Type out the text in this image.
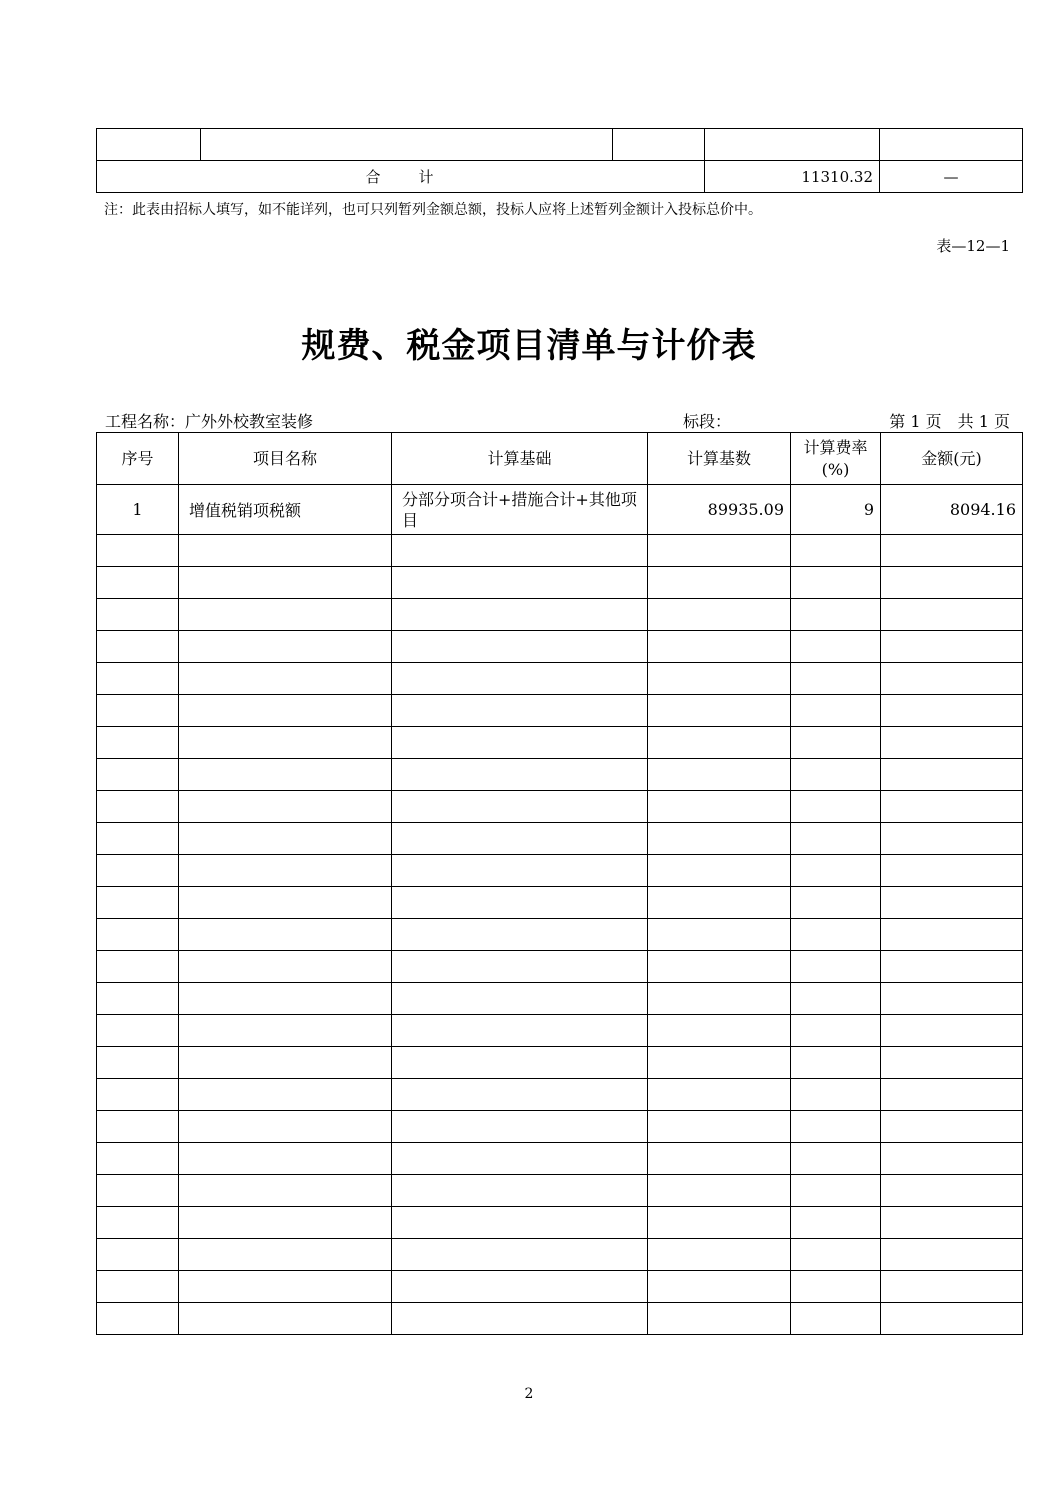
合 计			11310.32	—
注：此表由招标人填写，如不能详列，也可只列暂列金额总额，投标人应将上述暂列金额计入投标总价中。
表—12—1
规费、税金项目清单与计价表
工程名称：广外外校教室装修	标段：	第 1 页　共 1 页
序号	项目名称	计算基础	计算基数	计算费率(%)	金额(元)
1	增值税销项税额	分部分项合计+措施合计+其他项目	89935.09	9	8094.16

2
